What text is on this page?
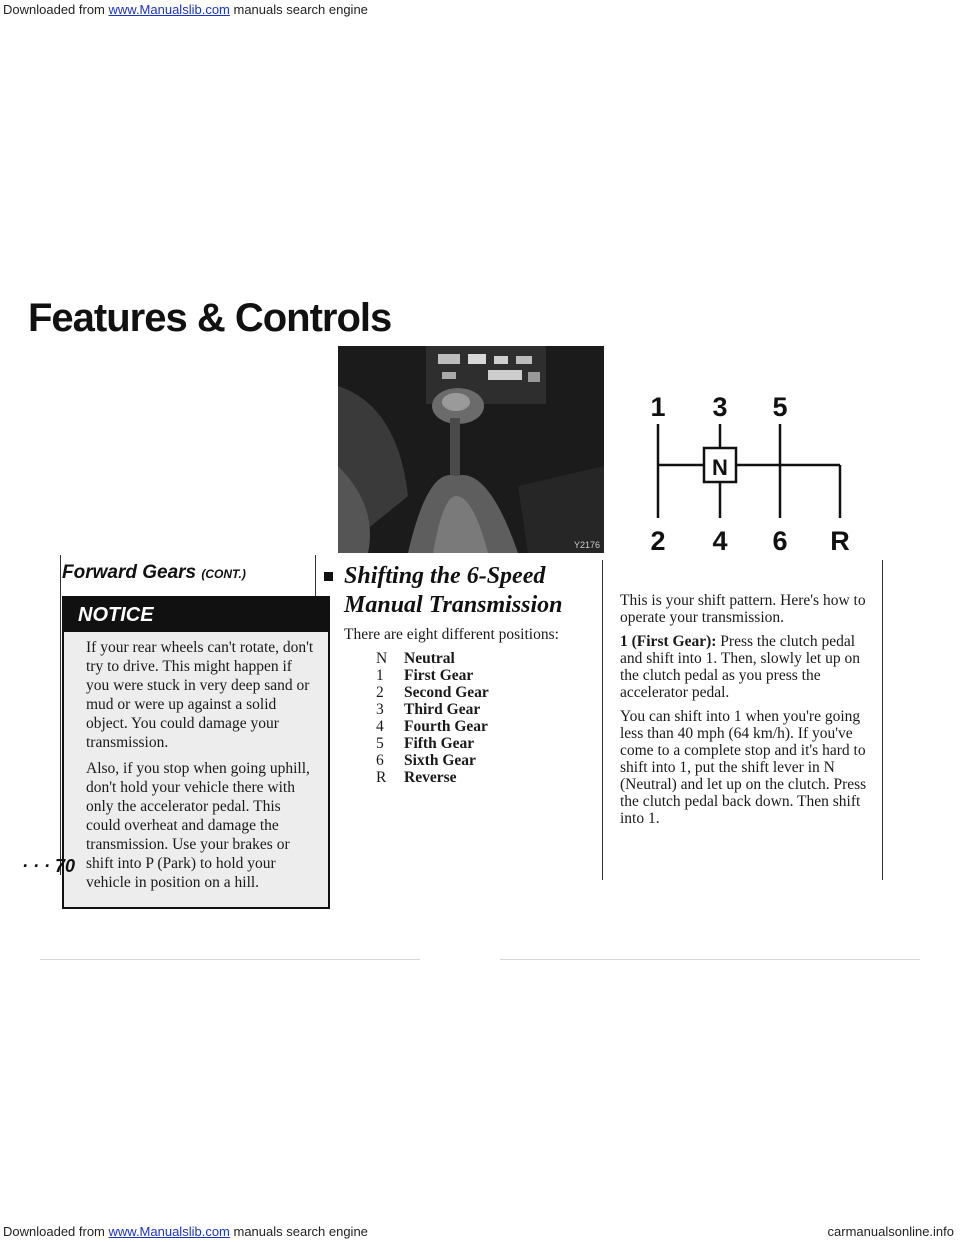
Downloaded from www.Manualslib.com manuals search engine
Features & Controls
Y2176
1 3 5
N
2 4 6 R
Forward Gears (CONT.)
NOTICE

If your rear wheels can't rotate, don't try to drive. This might happen if you were stuck in very deep sand or mud or were up against a solid object. You could damage your transmission.

Also, if you stop when going uphill, don't hold your vehicle there with only the accelerator pedal. This could overheat and damage the transmission. Use your brakes or shift into P (Park) to hold your vehicle in position on a hill.

· · · 70
Shifting the 6-Speed
Manual Transmission

There are eight different positions:

N	Neutral
1	First Gear
2	Second Gear
3	Third Gear
4	Fourth Gear
5	Fifth Gear
6	Sixth Gear
R	Reverse

This is your shift pattern. Here's how to operate your transmission.

1 (First Gear): Press the clutch pedal and shift into 1. Then, slowly let up on the clutch pedal as you press the accelerator pedal.

You can shift into 1 when you're going less than 40 mph (64 km/h). If you've come to a complete stop and it's hard to shift into 1, put the shift lever in N (Neutral) and let up on the clutch. Press the clutch pedal back down. Then shift into 1.

Downloaded from www.Manualslib.com manuals search engine	carmanualsonline.info
